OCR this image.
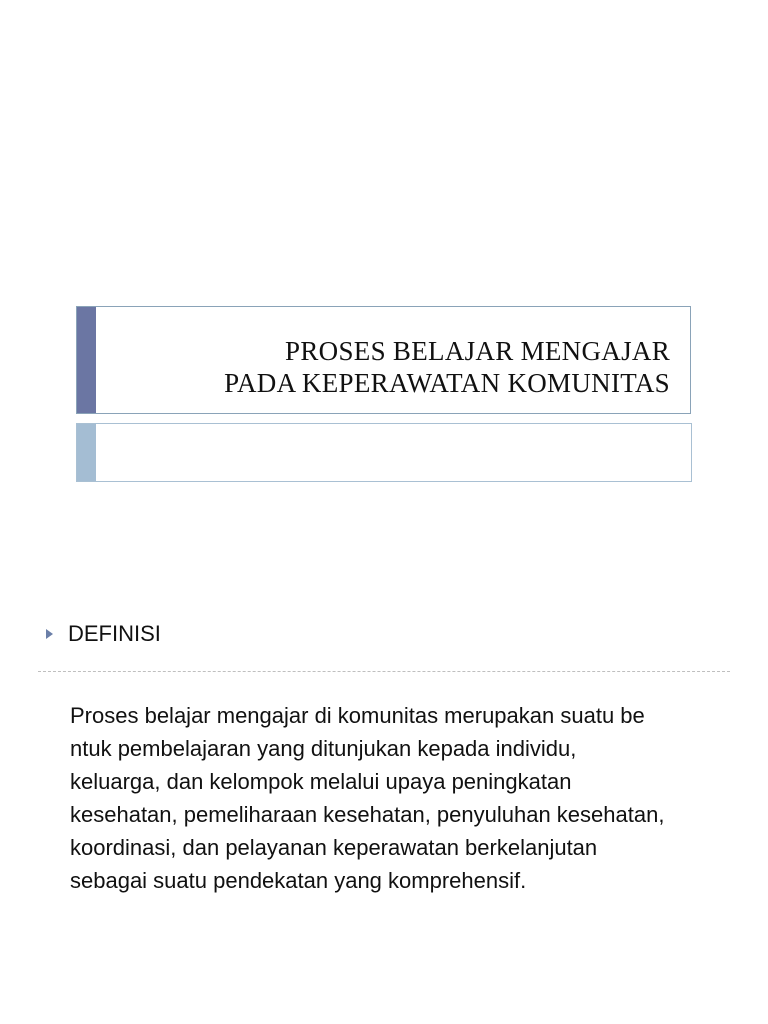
PROSES BELAJAR MENGAJAR
PADA KEPERAWATAN KOMUNITAS
DEFINISI
Proses belajar mengajar di komunitas merupakan suatu be
ntuk pembelajaran yang ditunjukan kepada individu,
keluarga, dan kelompok melalui upaya peningkatan
kesehatan, pemeliharaan kesehatan, penyuluhan kesehatan,
koordinasi, dan pelayanan keperawatan berkelanjutan
sebagai suatu pendekatan yang komprehensif.
